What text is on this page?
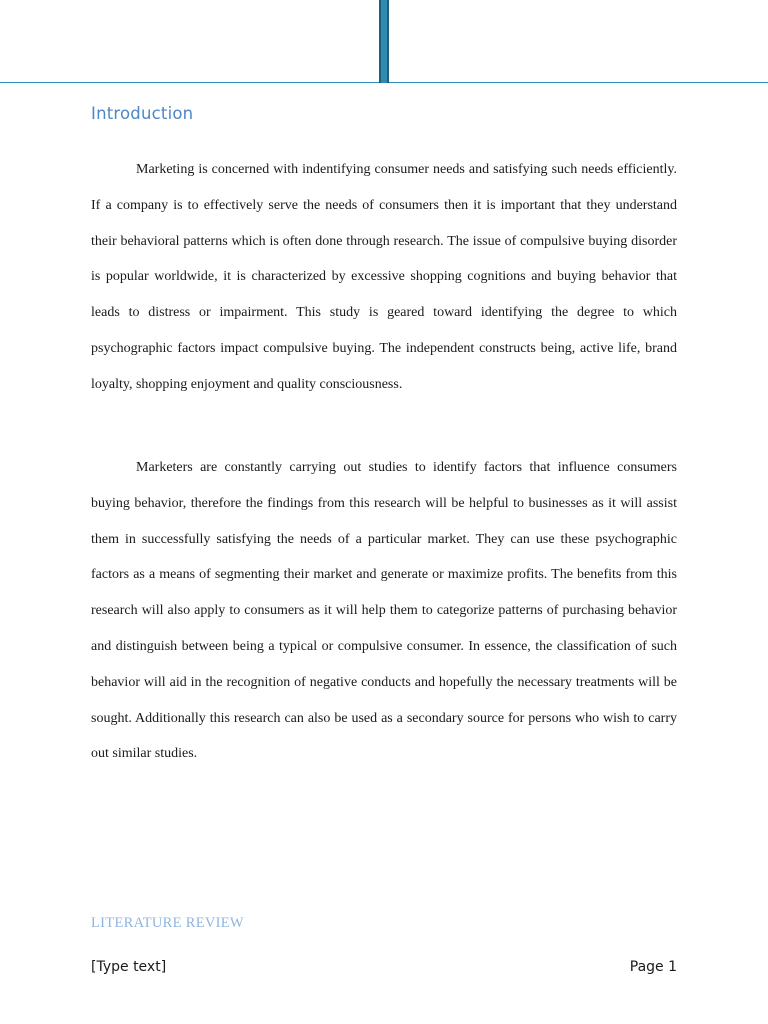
Introduction

Marketing is concerned with indentifying consumer needs and satisfying such needs efficiently. If a company is to effectively serve the needs of consumers then it is important that they understand their behavioral patterns which is often done through research. The issue of compulsive buying disorder is popular worldwide, it is characterized by excessive shopping cognitions and buying behavior that leads to distress or impairment. This study is geared toward identifying the degree to which psychographic factors impact compulsive buying. The independent constructs being, active life, brand loyalty, shopping enjoyment and quality consciousness.

Marketers are constantly carrying out studies to identify factors that influence consumers buying behavior, therefore the findings from this research will be helpful to businesses as it will assist them in successfully satisfying the needs of a particular market. They can use these psychographic factors as a means of segmenting their market and generate or maximize profits. The benefits from this research will also apply to consumers as it will help them to categorize patterns of purchasing behavior and distinguish between being a typical or compulsive consumer. In essence, the classification of such behavior will aid in the recognition of negative conducts and hopefully the necessary treatments will be sought. Additionally this research can also be used as a secondary source for persons who wish to carry out similar studies.

LITERATURE REVIEW
[Type text]	Page 1
